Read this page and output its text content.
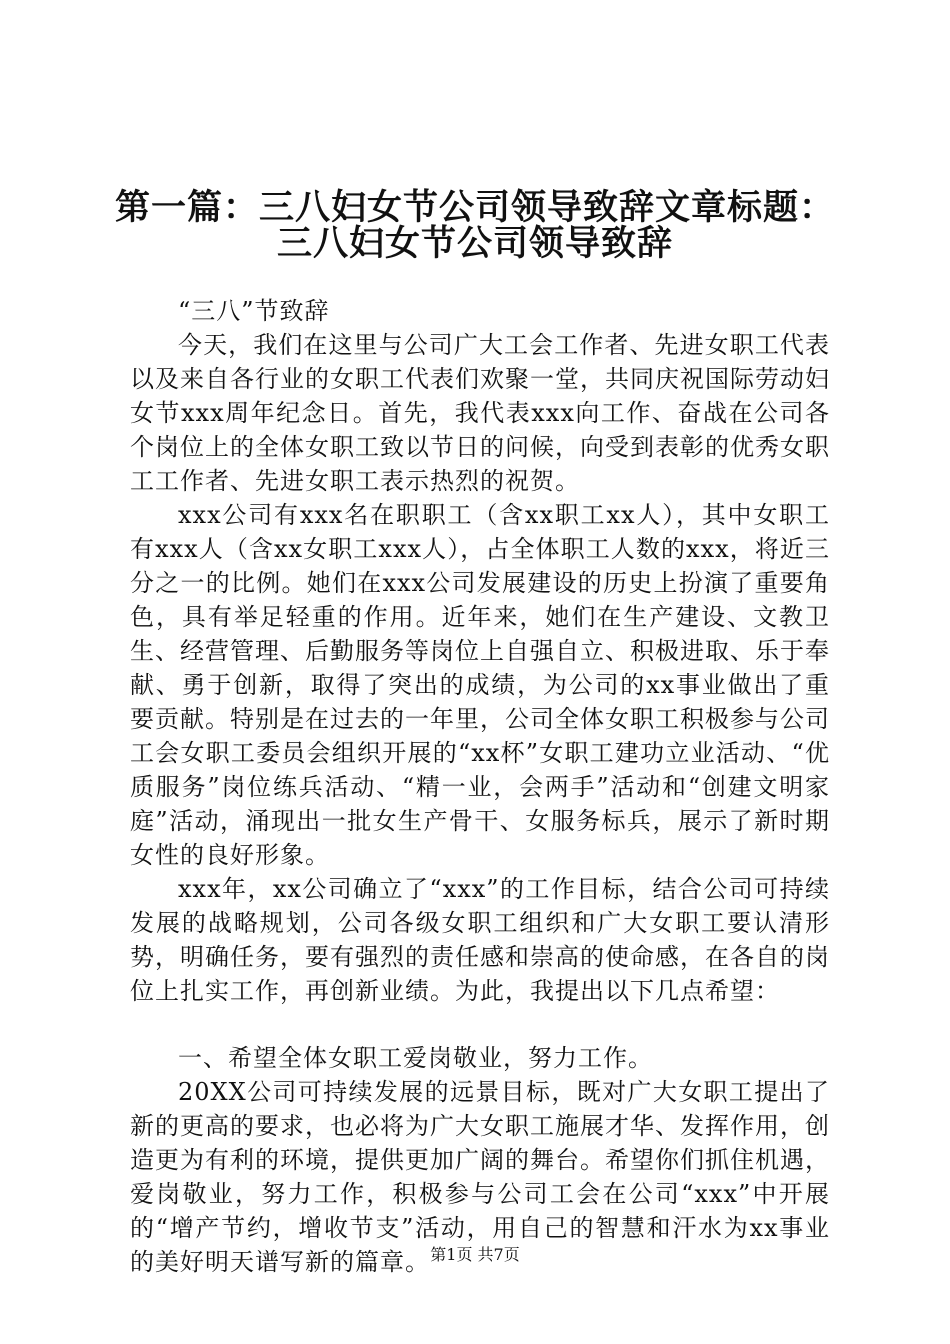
第一篇：三八妇女节公司领导致辞文章标题：
三八妇女节公司领导致辞

“三八”节致辞

今天，我们在这里与公司广大工会工作者、先进女职工代表以及来自各行业的女职工代表们欢聚一堂，共同庆祝国际劳动妇女节xxx周年纪念日。首先，我代表xxx向工作、奋战在公司各个岗位上的全体女职工致以节日的问候，向受到表彰的优秀女职工工作者、先进女职工表示热烈的祝贺。

xxx公司有xxx名在职职工（含xx职工xx人），其中女职工有xxx人（含xx女职工xxx人），占全体职工人数的xxx，将近三分之一的比例。她们在xxx公司发展建设的历史上扮演了重要角色，具有举足轻重的作用。近年来，她们在生产建设、文教卫生、经营管理、后勤服务等岗位上自强自立、积极进取、乐于奉献、勇于创新，取得了突出的成绩，为公司的xx事业做出了重要贡献。特别是在过去的一年里，公司全体女职工积极参与公司工会女职工委员会组织开展的“xx杯”女职工建功立业活动、“优质服务”岗位练兵活动、“精一业，会两手”活动和“创建文明家庭”活动，涌现出一批女生产骨干、女服务标兵，展示了新时期女性的良好形象。

xxx年，xx公司确立了“xxx”的工作目标，结合公司可持续发展的战略规划，公司各级女职工组织和广大女职工要认清形势，明确任务，要有强烈的责任感和崇高的使命感，在各自的岗位上扎实工作，再创新业绩。为此，我提出以下几点希望：

一、希望全体女职工爱岗敬业，努力工作。

20XX公司可持续发展的远景目标，既对广大女职工提出了新的更高的要求，也必将为广大女职工施展才华、发挥作用，创造更为有利的环境，提供更加广阔的舞台。希望你们抓住机遇，爱岗敬业，努力工作，积极参与公司工会在公司“xxx”中开展的“增产节约，增收节支”活动，用自己的智慧和汗水为xx事业的美好明天谱写新的篇章。 第1页 共7页
